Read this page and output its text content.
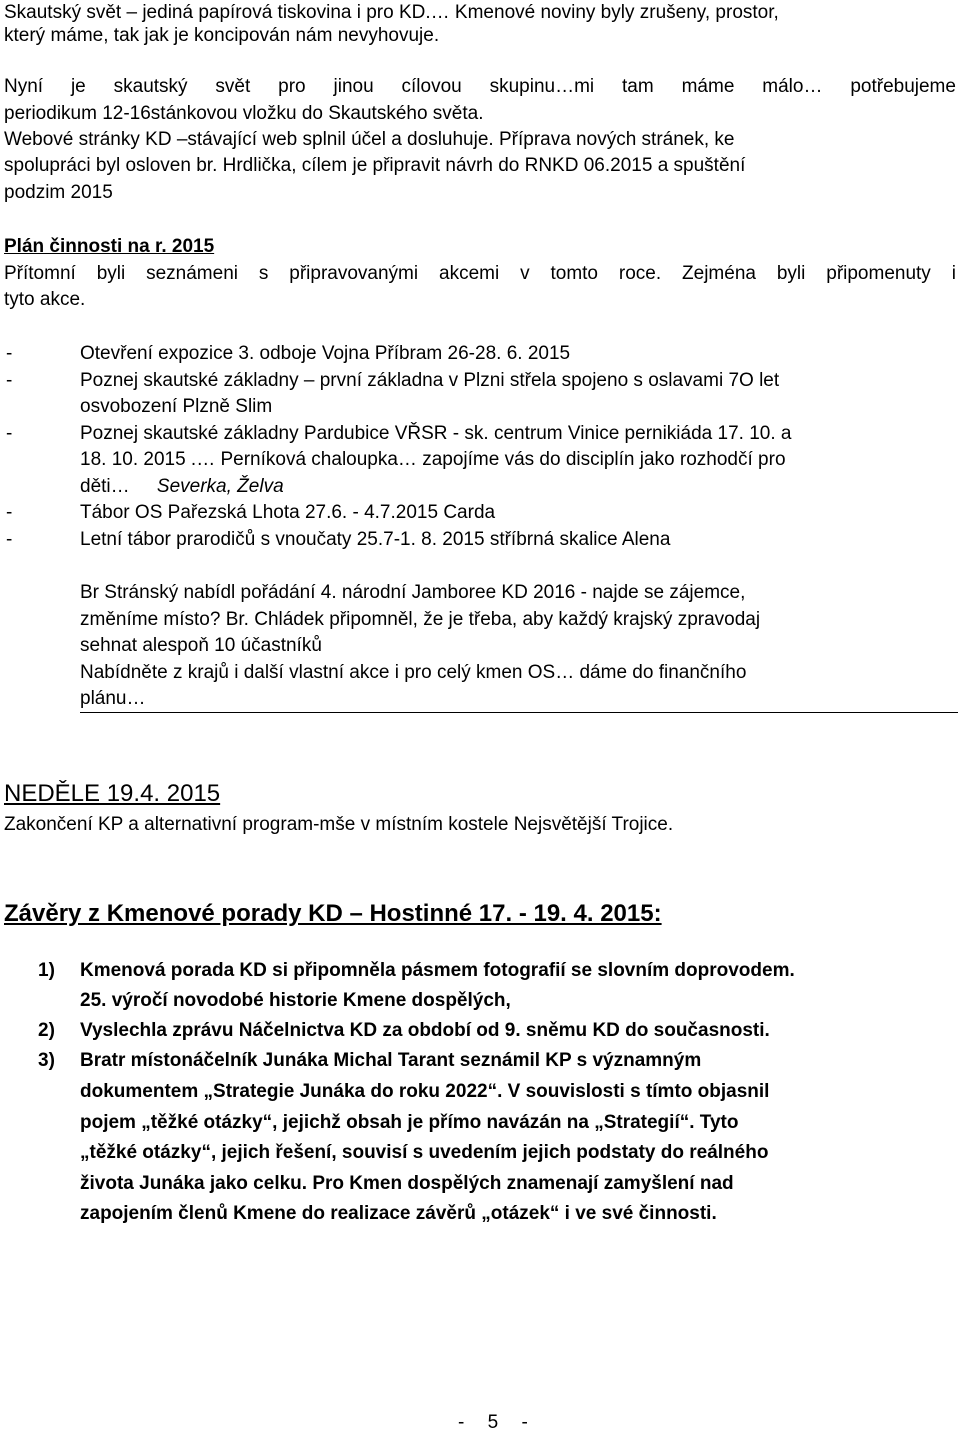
Skautský svět – jediná papírová tiskovina i pro KD.… Kmenové noviny byly zrušeny, prostor,
který máme, tak jak je koncipován nám nevyhovuje.
Nyní je skautský svět pro jinou cílovou skupinu…mi tam máme málo… potřebujeme
periodikum 12-16stánkovou vložku do Skautského světa.
Webové stránky KD –stávající web splnil účel a dosluhuje. Příprava nových stránek, ke
spolupráci byl osloven br. Hrdlička, cílem je připravit návrh do RNKD 06.2015 a spuštění
podzim 2015
Plán činnosti na r. 2015
Přítomní byli seznámeni s připravovanými akcemi v tomto roce. Zejména byli připomenuty i
tyto akce.
-	Otevření expozice 3. odboje Vojna Příbram 26-28. 6. 2015
-	Poznej skautské základny – první základna v Plzni střela spojeno s oslavami 7O let
osvobození Plzně Slim
-	Poznej skautské základny Pardubice VŘSR - sk. centrum Vinice pernikiáda 17. 10. a
18. 10. 2015 .… Perníková chaloupka… zapojíme vás do disciplín jako rozhodčí pro
děti… Severka, Želva
-	Tábor OS Pařezská Lhota 27.6. - 4.7.2015 Carda
-	Letní tábor prarodičů s vnoučaty 25.7-1. 8. 2015 stříbrná skalice Alena
Br Stránský nabídl pořádání 4. národní Jamboree KD 2016 - najde se zájemce,
změníme místo? Br. Chládek připomněl, že je třeba, aby každý krajský zpravodaj
sehnat alespoň 10 účastníků
Nabídněte z krajů i další vlastní akce i pro celý kmen OS… dáme do finančního
plánu…
NEDĚLE 19.4. 2015
Zakončení KP a alternativní program-mše v místním kostele Nejsvětější Trojice.
Závěry z Kmenové porady KD – Hostinné 17. - 19. 4. 2015:
1) Kmenová porada KD si připomněla pásmem fotografií se slovním doprovodem.
25. výročí novodobé historie Kmene dospělých,
2) Vyslechla zprávu Náčelnictva KD za období od 9. sněmu KD do současnosti.
3) Bratr místonáčelník Junáka Michal Tarant seznámil KP s významným
dokumentem „Strategie Junáka do roku 2022“. V souvislosti s tímto objasnil
pojem „těžké otázky“, jejichž obsah je přímo navázán na „Strategií“. Tyto
„těžké otázky“, jejich řešení, souvisí s uvedením jejich podstaty do reálného
života Junáka jako celku. Pro Kmen dospělých znamenají zamyšlení nad
zapojením členů Kmene do realizace závěrů „otázek“ i ve své činnosti.
- 5 -
